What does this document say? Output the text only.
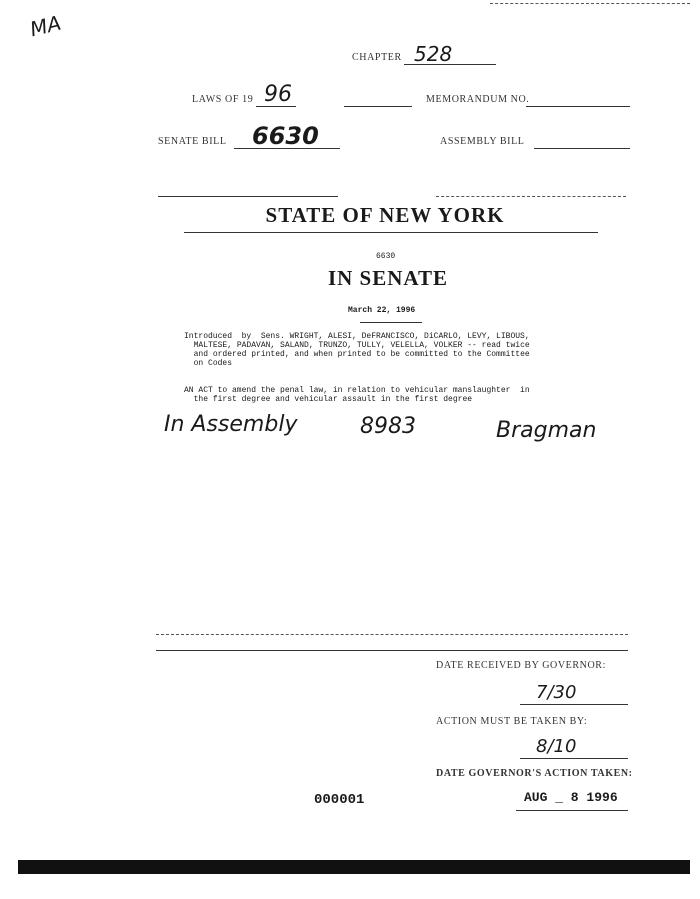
MA
CHAPTER 528
LAWS OF 19 96	MEMORANDUM NO.
SENATE BILL 6630	ASSEMBLY BILL
STATE OF NEW YORK
6630
IN SENATE
March 22, 1996
Introduced  by  Sens. WRIGHT, ALESI, DeFRANCISCO, DiCARLO, LEVY, LIBOUS,
MALTESE, PADAVAN, SALAND, TRUNZO, TULLY, VELELLA, VOLKER -- read twice
and ordered printed, and when printed to be committed to the Committee
on Codes
AN ACT to amend the penal law, in relation to vehicular manslaughter  in
the first degree and vehicular assault in the first degree
In Assembly	8983	Bragman
DATE RECEIVED BY GOVERNOR:
7/30
ACTION MUST BE TAKEN BY:
8/10
DATE GOVERNOR'S ACTION TAKEN:
AUG _ 8 1996
000001
